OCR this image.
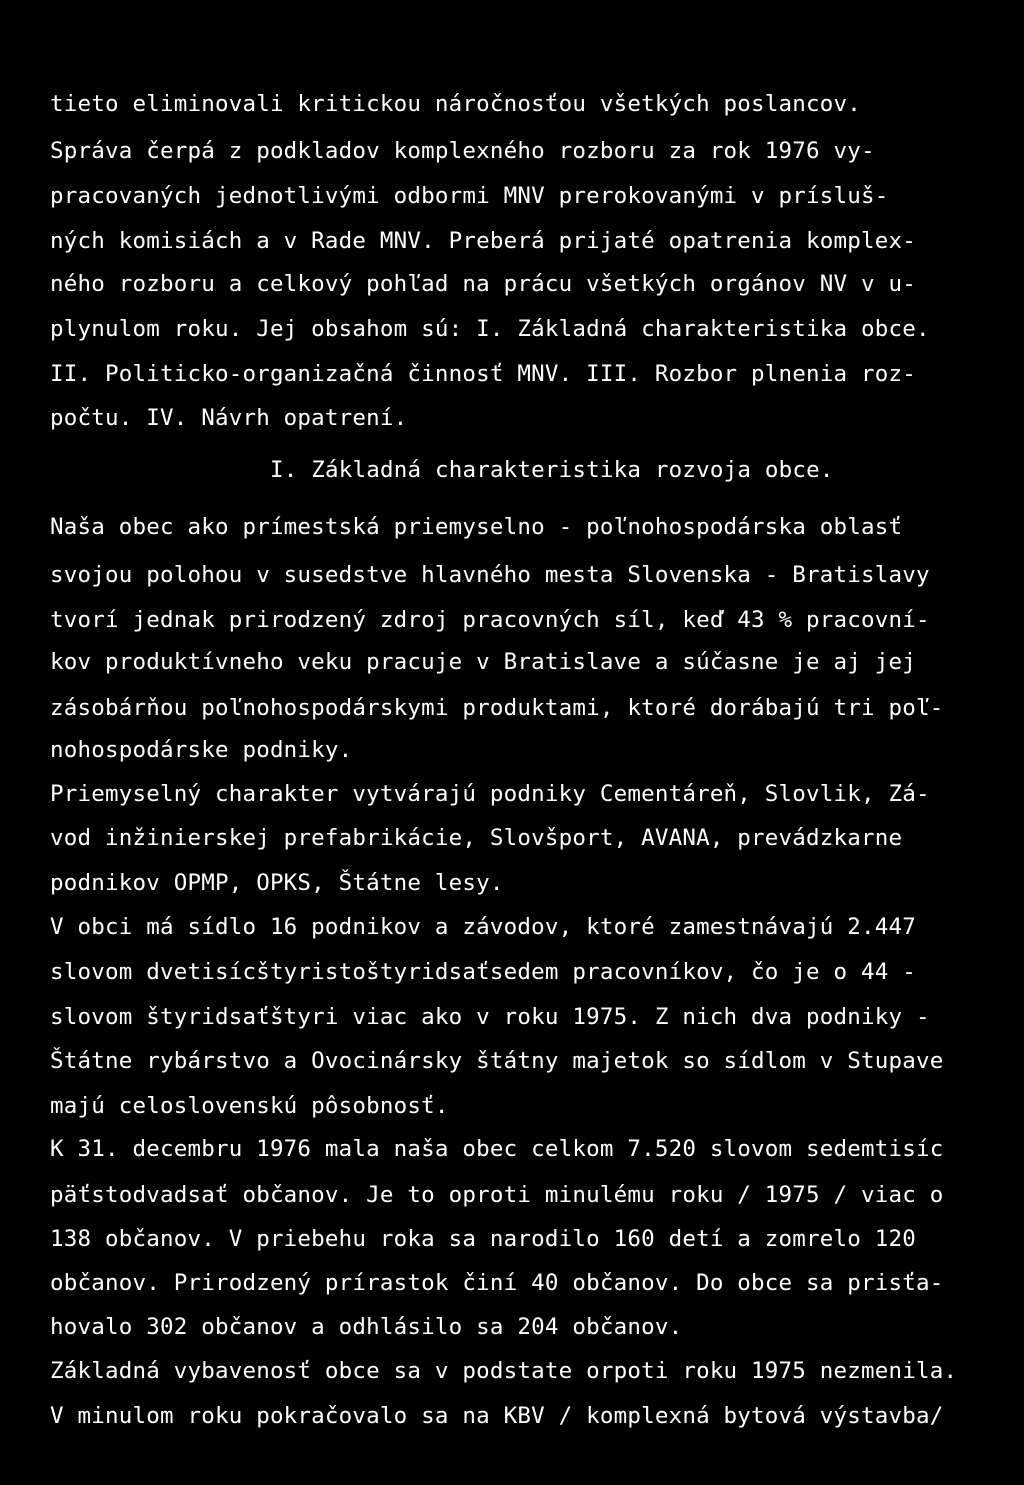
tieto eliminovali kritickou náročnosťou všetkých poslancov.
Správa čerpá z podkladov komplexného rozboru za rok 1976 vy-
pracovaných jednotlivými odbormi MNV prerokovanými v prísluš-
ných komisiách a v Rade MNV. Preberá prijaté opatrenia komplex-
ného rozboru a celkový pohľad na prácu všetkých orgánov NV v u-
plynulom roku. Jej obsahom sú: I. Základná charakteristika obce.
II. Politicko-organizačná činnosť MNV. III. Rozbor plnenia roz-
počtu. IV. Návrh opatrení.
I. Základná charakteristika rozvoja obce.
Naša obec ako prímestská priemyselno - poľnohospodárska oblasť
svojou polohou v susedstve hlavného mesta Slovenska - Bratislavy
tvorí jednak prirodzený zdroj pracovných síl, keď 43 % pracovní-
kov produktívneho veku pracuje v Bratislave a súčasne je aj jej
zásobárňou poľnohospodárskymi produktami, ktoré dorábajú tri poľ-
nohospodárske podniky.
Priemyselný charakter vytvárajú podniky Cementáreň, Slovlik, Zá-
vod inžinierskej prefabrikácie, Slovšport, AVANA, prevádzkarne
podnikov OPMP, OPKS, Štátne lesy.
V obci má sídlo 16 podnikov a závodov, ktoré zamestnávajú 2.447
slovom dvetisícštyristoštyridsaťsedem pracovníkov, čo je o 44 -
slovom štyridsaťštyri viac ako v roku 1975. Z nich dva podniky -
Štátne rybárstvo a Ovocinársky štátny majetok so sídlom v Stupave
majú celoslovenskú pôsobnosť.
K 31. decembru 1976 mala naša obec celkom 7.520 slovom sedemtisíc
päťstodvadsať občanov. Je to oproti minulému roku / 1975 / viac o
138 občanov. V priebehu roka sa narodilo 160 detí a zomrelo 120
občanov. Prirodzený prírastok činí 40 občanov. Do obce sa prisťa-
hovalo 302 občanov a odhlásilo sa 204 občanov.
Základná vybavenosť obce sa v podstate orpoti roku 1975 nezmenila.
V minulom roku pokračovalo sa na KBV / komplexná bytová výstavba/
